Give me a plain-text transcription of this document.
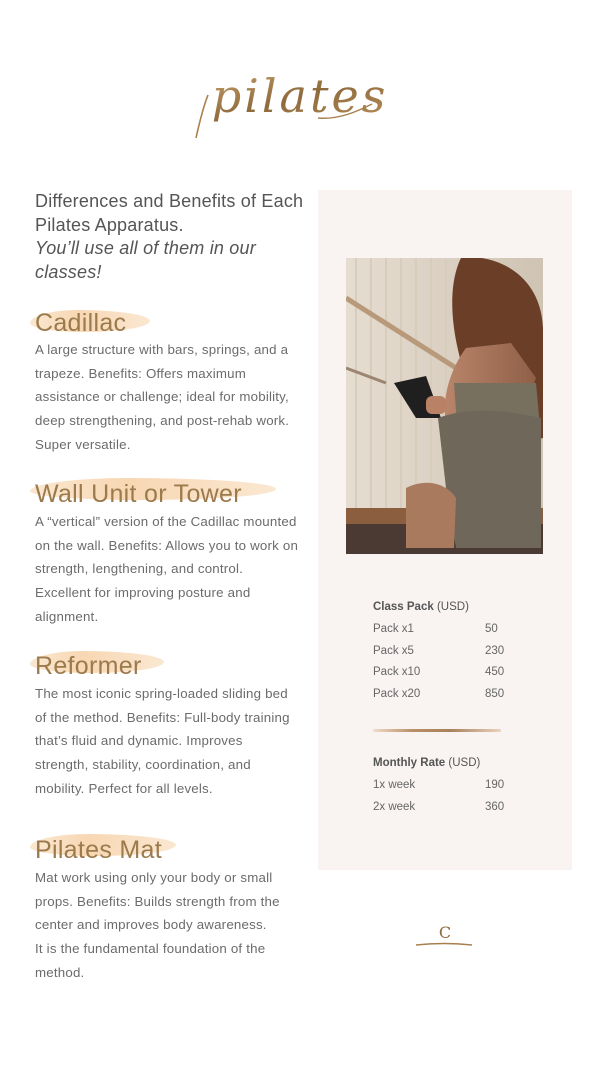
pilates
Differences and Benefits of Each Pilates Apparatus.
You’ll use all of them in our classes!
Cadillac
A large structure with bars, springs, and a trapeze. Benefits: Offers maximum assistance or challenge; ideal for mobility, deep strengthening, and post-rehab work. Super versatile.
Wall Unit or Tower
A “vertical” version of the Cadillac mounted on the wall. Benefits: Allows you to work on strength, lengthening, and control. Excellent for improving posture and alignment.
Reformer
The most iconic spring-loaded sliding bed of the method. Benefits: Full-body training that’s fluid and dynamic. Improves strength, stability, coordination, and mobility. Perfect for all levels.
Pilates Mat
Mat work using only your body or small props. Benefits: Builds strength from the center and improves body awareness.
It is the fundamental foundation of the method.
Class Pack (USD)
Pack x1	50
Pack x5	230
Pack x10	450
Pack x20	850
Monthly Rate (USD)
1x week	190
2x week	360
C
